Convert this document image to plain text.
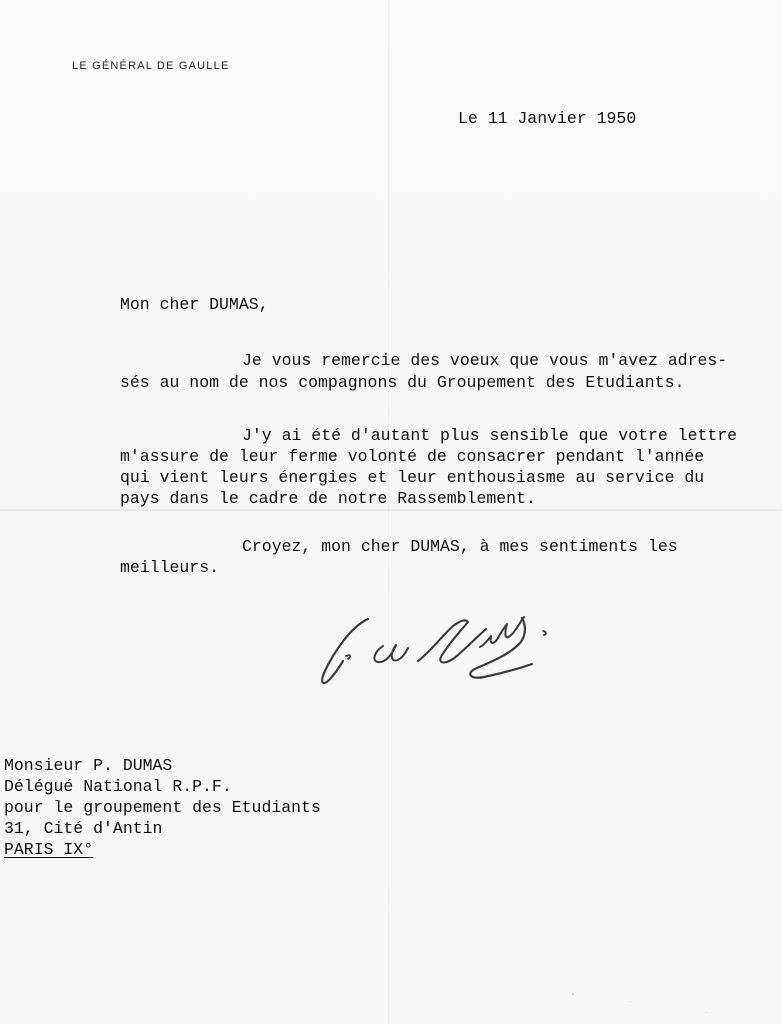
LE GÉNÉRAL DE GAULLE
Le 11 Janvier 1950
Mon cher DUMAS,
Je vous remercie des voeux que vous m'avez adres-
sés au nom de nos compagnons du Groupement des Etudiants.
J'y ai été d'autant plus sensible que votre lettre
m'assure de leur ferme volonté de consacrer pendant l'année
qui vient leurs énergies et leur enthousiasme au service du
pays dans le cadre de notre Rassemblement.
Croyez, mon cher DUMAS, à mes sentiments les
meilleurs.
Monsieur P. DUMAS
Délégué National R.P.F.
pour le groupement des Etudiants
31, Cité d'Antin
PARIS IX°
